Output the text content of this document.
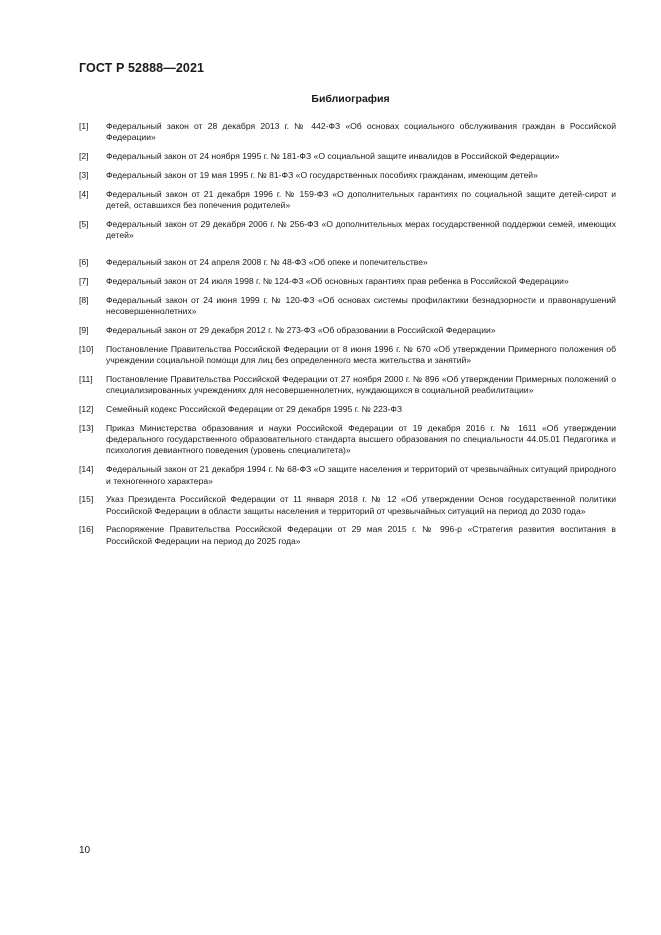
ГОСТ Р 52888—2021
Библиография
[1] Федеральный закон от 28 декабря 2013 г. № 442-ФЗ «Об основах социального обслуживания граждан в Российской Федерации»
[2] Федеральный закон от 24 ноября 1995 г. № 181-ФЗ «О социальной защите инвалидов в Российской Федерации»
[3] Федеральный закон от 19 мая 1995 г. № 81-ФЗ «О государственных пособиях гражданам, имеющим детей»
[4] Федеральный закон от 21 декабря 1996 г. № 159-ФЗ «О дополнительных гарантиях по социальной защите детей-сирот и детей, оставшихся без попечения родителей»
[5] Федеральный закон от 29 декабря 2006 г. № 256-ФЗ «О дополнительных мерах государственной поддержки семей, имеющих детей»
[6] Федеральный закон от 24 апреля 2008 г. № 48-ФЗ «Об опеке и попечительстве»
[7] Федеральный закон от 24 июля 1998 г. № 124-ФЗ «Об основных гарантиях прав ребенка в Российской Федерации»
[8] Федеральный закон от 24 июня 1999 г. № 120-ФЗ «Об основах системы профилактики безнадзорности и правонарушений несовершеннолетних»
[9] Федеральный закон от 29 декабря 2012 г. № 273-ФЗ «Об образовании в Российской Федерации»
[10] Постановление Правительства Российской Федерации от 8 июня 1996 г. № 670 «Об утверждении Примерного положения об учреждении социальной помощи для лиц без определенного места жительства и занятий»
[11] Постановление Правительства Российской Федерации от 27 ноября 2000 г. № 896 «Об утверждении Примерных положений о специализированных учреждениях для несовершеннолетних, нуждающихся в социальной реабилитации»
[12] Семейный кодекс Российской Федерации от 29 декабря 1995 г. № 223-ФЗ
[13] Приказ Министерства образования и науки Российской Федерации от 19 декабря 2016 г. № 1611 «Об утверждении федерального государственного образовательного стандарта высшего образования по специальности 44.05.01 Педагогика и психология девиантного поведения (уровень специалитета)»
[14] Федеральный закон от 21 декабря 1994 г. № 68-ФЗ «О защите населения и территорий от чрезвычайных ситуаций природного и техногенного характера»
[15] Указ Президента Российской Федерации от 11 января 2018 г. № 12 «Об утверждении Основ государственной политики Российской Федерации в области защиты населения и территорий от чрезвычайных ситуаций на период до 2030 года»
[16] Распоряжение Правительства Российской Федерации от 29 мая 2015 г. № 996-р «Стратегия развития воспитания в Российской Федерации на период до 2025 года»
10
